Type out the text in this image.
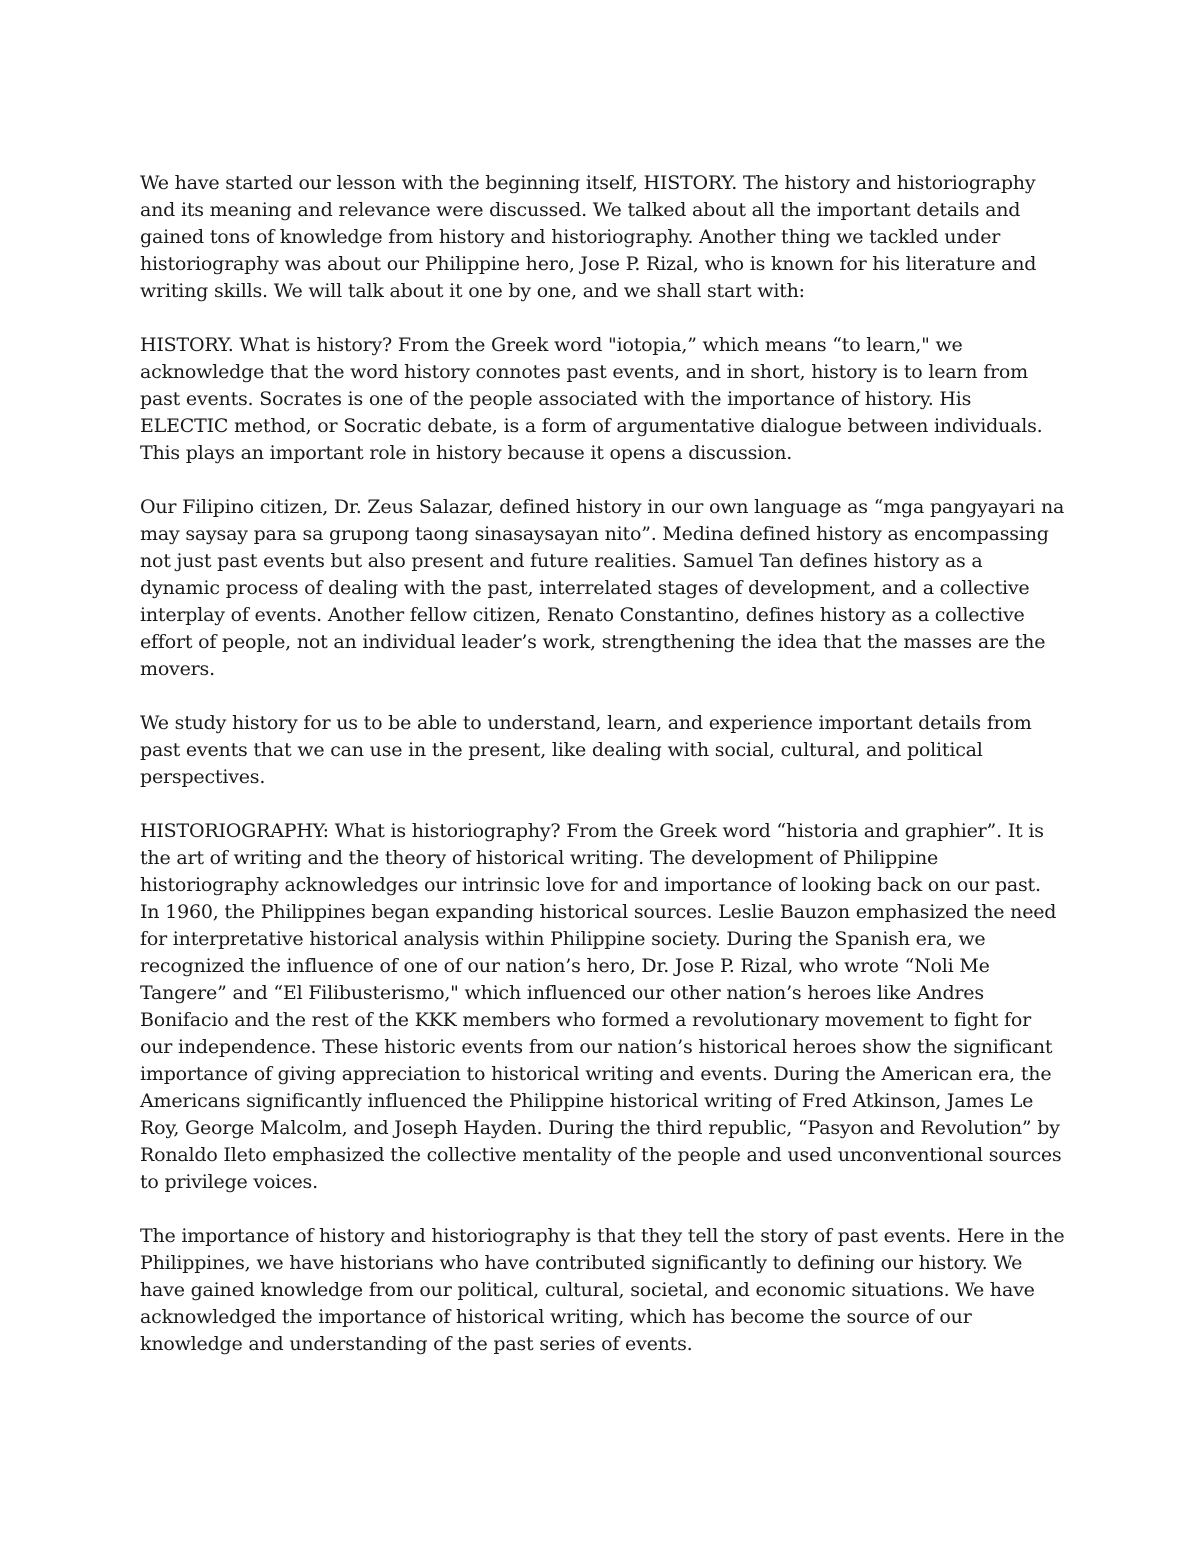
We have started our lesson with the beginning itself, HISTORY. The history and historiography and its meaning and relevance were discussed. We talked about all the important details and gained tons of knowledge from history and historiography. Another thing we tackled under historiography was about our Philippine hero, Jose P. Rizal, who is known for his literature and writing skills. We will talk about it one by one, and we shall start with:

HISTORY. What is history? From the Greek word "iotopia,” which means “to learn," we acknowledge that the word history connotes past events, and in short, history is to learn from past events. Socrates is one of the people associated with the importance of history. His ELECTIC method, or Socratic debate, is a form of argumentative dialogue between individuals. This plays an important role in history because it opens a discussion.

Our Filipino citizen, Dr. Zeus Salazar, defined history in our own language as “mga pangyayari na may saysay para sa grupong taong sinasaysayan nito”. Medina defined history as encompassing not just past events but also present and future realities. Samuel Tan defines history as a dynamic process of dealing with the past, interrelated stages of development, and a collective interplay of events. Another fellow citizen, Renato Constantino, defines history as a collective effort of people, not an individual leader’s work, strengthening the idea that the masses are the movers.

We study history for us to be able to understand, learn, and experience important details from past events that we can use in the present, like dealing with social, cultural, and political perspectives.

HISTORIOGRAPHY: What is historiography? From the Greek word “historia and graphier”. It is the art of writing and the theory of historical writing. The development of Philippine historiography acknowledges our intrinsic love for and importance of looking back on our past. In 1960, the Philippines began expanding historical sources. Leslie Bauzon emphasized the need for interpretative historical analysis within Philippine society. During the Spanish era, we recognized the influence of one of our nation’s hero, Dr. Jose P. Rizal, who wrote “Noli Me Tangere” and “El Filibusterismo," which influenced our other nation’s heroes like Andres Bonifacio and the rest of the KKK members who formed a revolutionary movement to fight for our independence. These historic events from our nation’s historical heroes show the significant importance of giving appreciation to historical writing and events. During the American era, the Americans significantly influenced the Philippine historical writing of Fred Atkinson, James Le Roy, George Malcolm, and Joseph Hayden. During the third republic, “Pasyon and Revolution” by Ronaldo Ileto emphasized the collective mentality of the people and used unconventional sources to privilege voices.

The importance of history and historiography is that they tell the story of past events. Here in the Philippines, we have historians who have contributed significantly to defining our history. We have gained knowledge from our political, cultural, societal, and economic situations. We have acknowledged the importance of historical writing, which has become the source of our knowledge and understanding of the past series of events.
